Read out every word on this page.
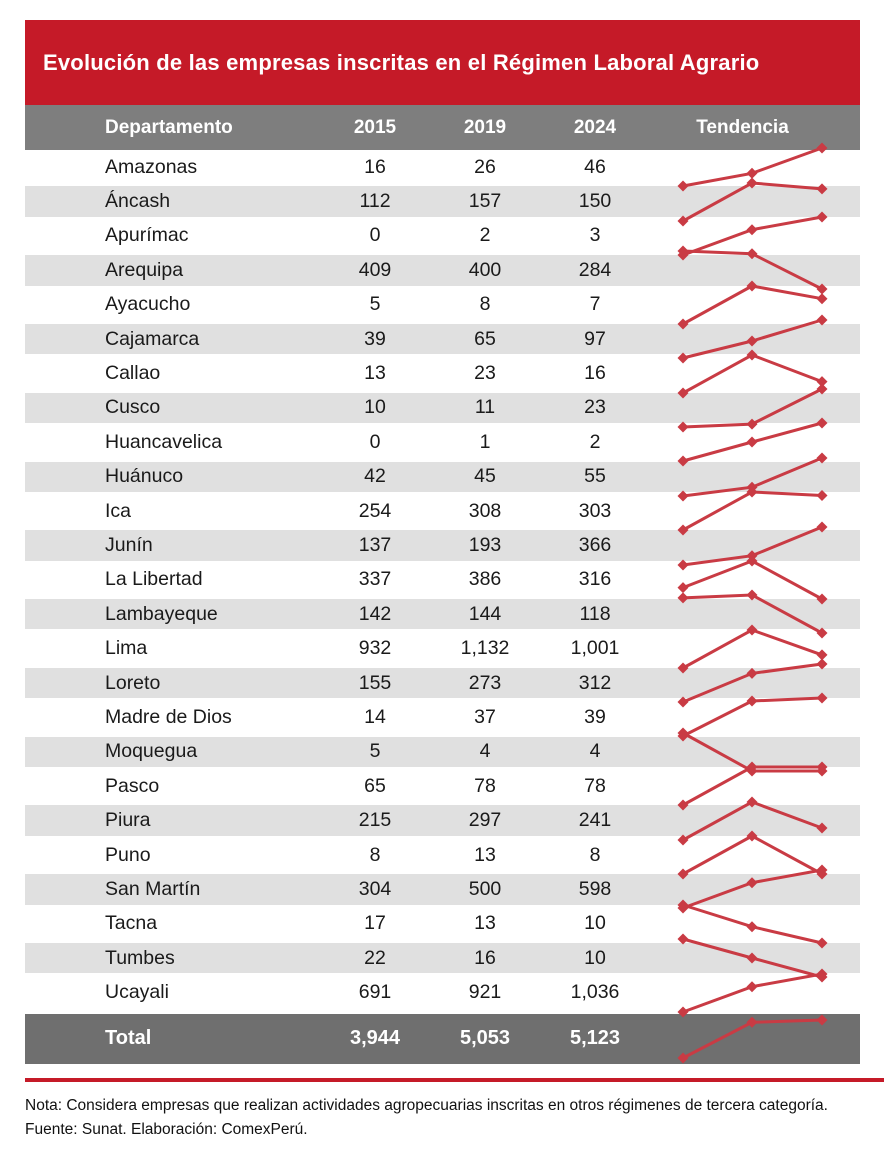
Evolución de las empresas inscritas en el Régimen Laboral Agrario
Departamento	2015	2019	2024	Tendencia
Amazonas	16	26	46
Áncash	112	157	150
Apurímac	0	2	3
Arequipa	409	400	284
Ayacucho	5	8	7
Cajamarca	39	65	97
Callao	13	23	16
Cusco	10	11	23
Huancavelica	0	1	2
Huánuco	42	45	55
Ica	254	308	303
Junín	137	193	366
La Libertad	337	386	316
Lambayeque	142	144	118
Lima	932	1,132	1,001
Loreto	155	273	312
Madre de Dios	14	37	39
Moquegua	5	4	4
Pasco	65	78	78
Piura	215	297	241
Puno	8	13	8
San Martín	304	500	598
Tacna	17	13	10
Tumbes	22	16	10
Ucayali	691	921	1,036
Total	3,944	5,053	5,123
Nota: Considera empresas que realizan actividades agropecuarias inscritas en otros régimenes de tercera categoría.
Fuente: Sunat. Elaboración: ComexPerú.
